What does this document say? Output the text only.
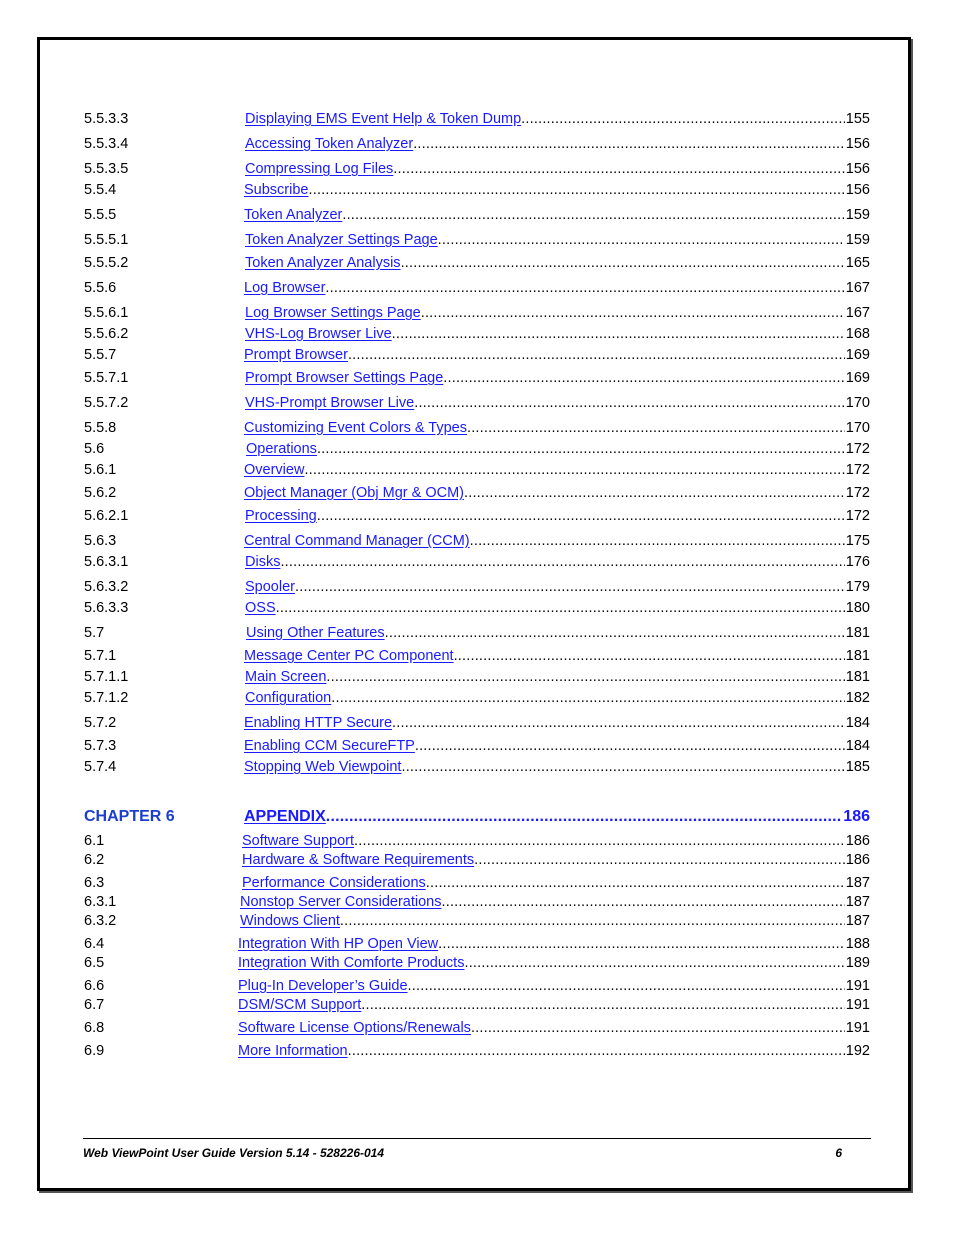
5.5.3.3	Displaying EMS Event Help & Token Dump .....	155
5.5.3.4	Accessing Token Analyzer .....	156
5.5.3.5	Compressing Log Files .....	156
5.5.4	Subscribe .....	156
5.5.5	Token Analyzer .....	159
5.5.5.1	Token Analyzer Settings Page .....	159
5.5.5.2	Token Analyzer Analysis .....	165
5.5.6	Log Browser .....	167
5.5.6.1	Log Browser Settings Page .....	167
5.5.6.2	VHS-Log Browser Live .....	168
5.5.7	Prompt Browser .....	169
5.5.7.1	Prompt Browser Settings Page .....	169
5.5.7.2	VHS-Prompt Browser Live .....	170
5.5.8	Customizing Event Colors & Types .....	170
5.6	Operations .....	172
5.6.1	Overview .....	172
5.6.2	Object Manager (Obj Mgr & OCM) .....	172
5.6.2.1	Processing .....	172
5.6.3	Central Command Manager (CCM) .....	175
5.6.3.1	Disks .....	176
5.6.3.2	Spooler .....	179
5.6.3.3	OSS .....	180
5.7	Using Other Features .....	181
5.7.1	Message Center PC Component .....	181
5.7.1.1	Main Screen .....	181
5.7.1.2	Configuration .....	182
5.7.2	Enabling HTTP Secure .....	184
5.7.3	Enabling CCM SecureFTP .....	184
5.7.4	Stopping Web Viewpoint .....	185
CHAPTER 6	APPENDIX .....	186
6.1	Software Support .....	186
6.2	Hardware & Software Requirements .....	186
6.3	Performance Considerations .....	187
6.3.1	Nonstop Server Considerations .....	187
6.3.2	Windows Client .....	187
6.4	Integration With HP Open View .....	188
6.5	Integration With Comforte Products .....	189
6.6	Plug-In Developer’s Guide .....	191
6.7	DSM/SCM Support .....	191
6.8	Software License Options/Renewals .....	191
6.9	More Information .....	192
Web ViewPoint User Guide Version 5.14 - 528226-014	6
